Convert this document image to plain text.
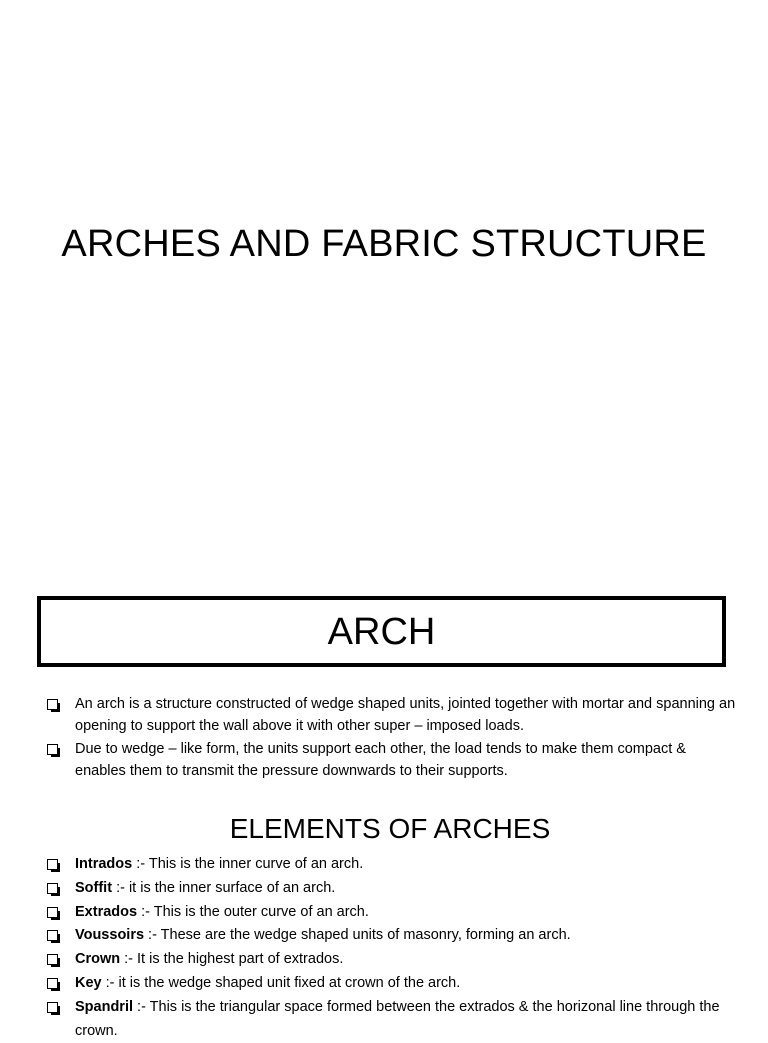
ARCHES AND FABRIC STRUCTURE
ARCH
An arch is a structure constructed of wedge shaped units, jointed together with mortar and spanning an opening to support the wall above it with other super – imposed loads.
Due to wedge – like form, the units support each other, the load tends to make them compact & enables them to transmit the pressure downwards to their supports.
ELEMENTS OF ARCHES
Intrados :- This is the inner curve of an arch.
Soffit :- it is the inner surface of an arch.
Extrados :- This is the outer curve of an arch.
Voussoirs :- These are the wedge shaped units of masonry, forming an arch.
Crown :- It is the highest part of extrados.
Key :- it is the wedge shaped unit fixed at crown of the arch.
Spandril :- This is the triangular space formed between the extrados & the horizonal line through the crown.
